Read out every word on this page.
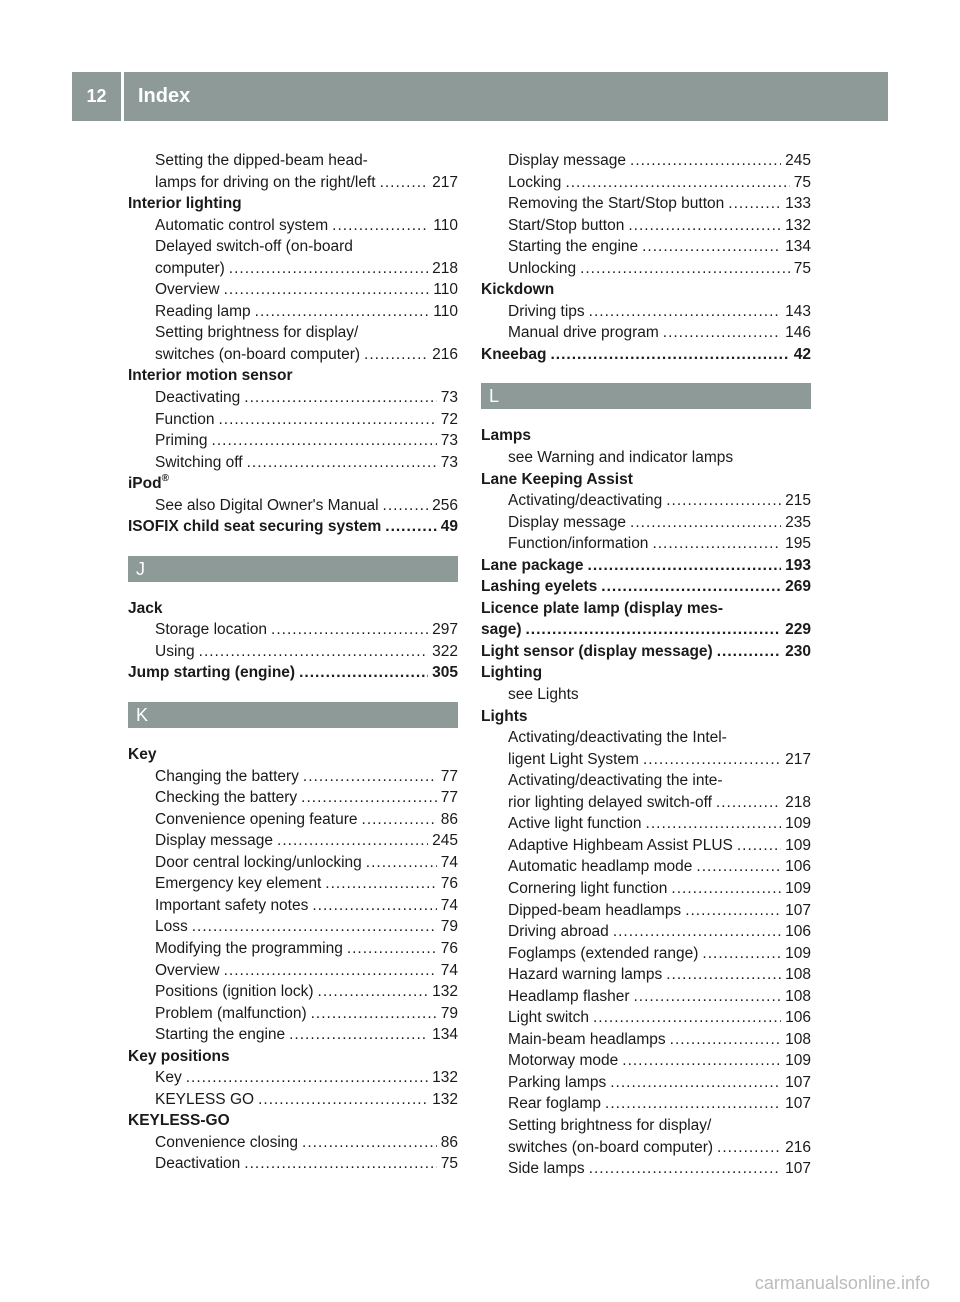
12	Index
Setting the dipped-beam head-
lamps for driving on the right/left .....	217
Interior lighting
Automatic control system .....	110
Delayed switch-off (on-board
computer) .....	218
Overview .....	110
Reading lamp .....	110
Setting brightness for display/
switches (on-board computer) .....	216
Interior motion sensor
Deactivating .....	73
Function .....	72
Priming .....	73
Switching off .....	73
iPod®
See also Digital Owner's Manual .....	256
ISOFIX child seat securing system .....	49
J
Jack
Storage location .....	297
Using .....	322
Jump starting (engine) .....	305
K
Key
Changing the battery .....	77
Checking the battery .....	77
Convenience opening feature .....	86
Display message .....	245
Door central locking/unlocking .....	74
Emergency key element .....	76
Important safety notes .....	74
Loss .....	79
Modifying the programming .....	76
Overview .....	74
Positions (ignition lock) .....	132
Problem (malfunction) .....	79
Starting the engine .....	134
Key positions
Key .....	132
KEYLESS GO .....	132
KEYLESS-GO
Convenience closing .....	86
Deactivation .....	75
Display message .....	245
Locking .....	75
Removing the Start/Stop button .....	133
Start/Stop button .....	132
Starting the engine .....	134
Unlocking .....	75
Kickdown
Driving tips .....	143
Manual drive program .....	146
Kneebag .....	42
L
Lamps
see Warning and indicator lamps
Lane Keeping Assist
Activating/deactivating .....	215
Display message .....	235
Function/information .....	195
Lane package .....	193
Lashing eyelets .....	269
Licence plate lamp (display mes-
sage) .....	229
Light sensor (display message) .....	230
Lighting
see Lights
Lights
Activating/deactivating the Intel-
ligent Light System .....	217
Activating/deactivating the inte-
rior lighting delayed switch-off .....	218
Active light function .....	109
Adaptive Highbeam Assist PLUS .....	109
Automatic headlamp mode .....	106
Cornering light function .....	109
Dipped-beam headlamps .....	107
Driving abroad .....	106
Foglamps (extended range) .....	109
Hazard warning lamps .....	108
Headlamp flasher .....	108
Light switch .....	106
Main-beam headlamps .....	108
Motorway mode .....	109
Parking lamps .....	107
Rear foglamp .....	107
Setting brightness for display/
switches (on-board computer) .....	216
Side lamps .....	107
carmanualsonline.info
